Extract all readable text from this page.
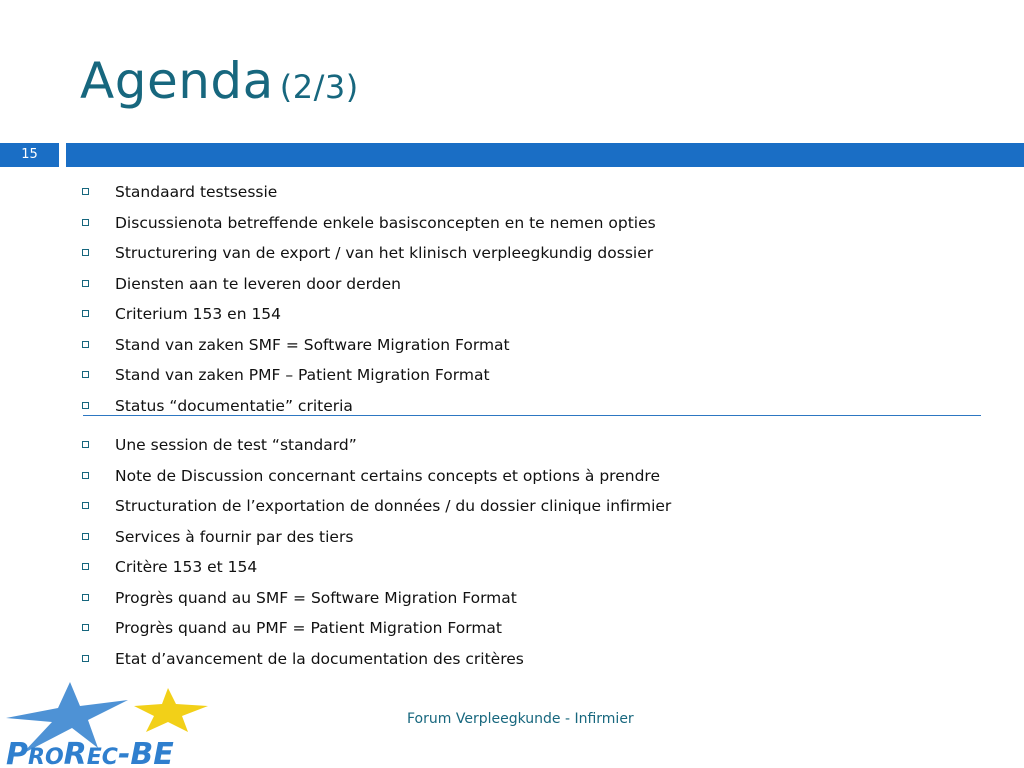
Agenda (2/3)
15
Standaard testsessie
Discussienota betreffende enkele basisconcepten en te nemen opties
Structurering van de export / van het klinisch verpleegkundig dossier
Diensten aan te leveren door derden
Criterium 153 en 154
Stand van zaken SMF = Software Migration Format
Stand van zaken PMF – Patient Migration Format
Status “documentatie” criteria
Une session de test “standard”
Note de Discussion concernant certains concepts et options à prendre
Structuration de l’exportation de données / du dossier clinique infirmier
Services à fournir par des tiers
Critère 153 et 154
Progrès quand au SMF = Software Migration Format
Progrès quand au PMF = Patient Migration Format
Etat d’avancement de la documentation des critères
Forum Verpleegkunde - Infirmier
PROREC-BE
